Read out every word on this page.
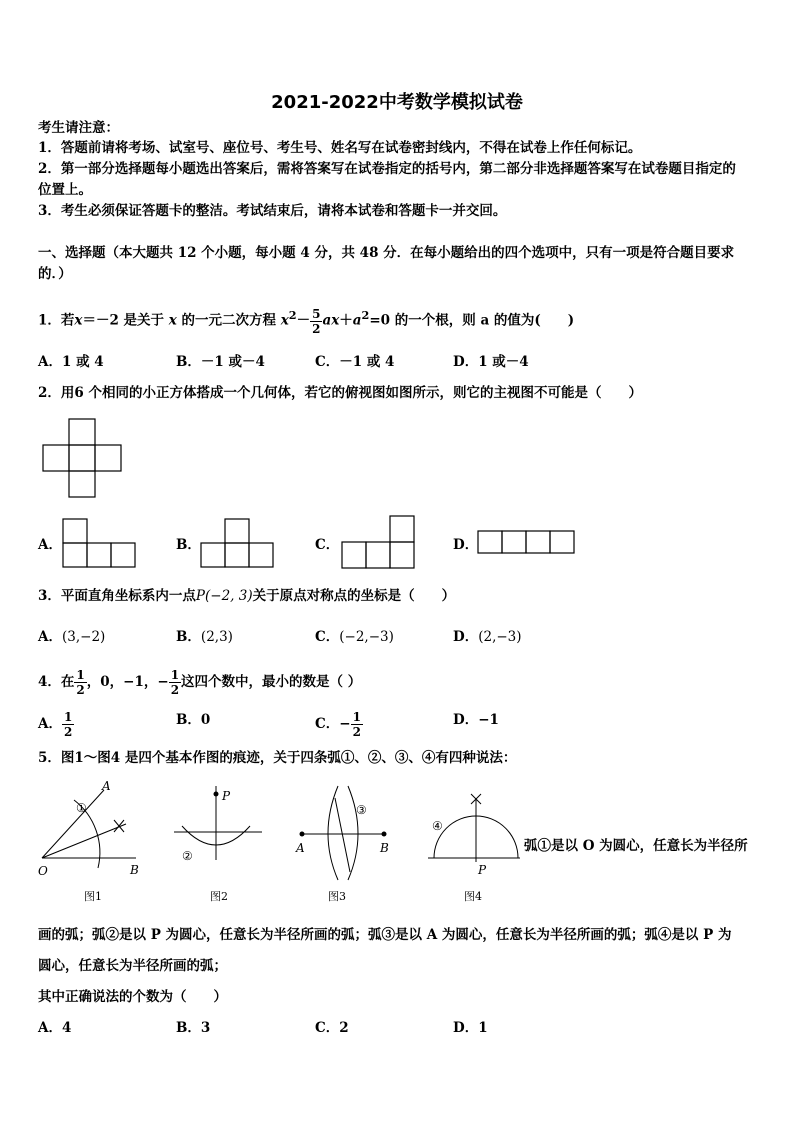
2021-2022中考数学模拟试卷
考生请注意：
1．答题前请将考场、试室号、座位号、考生号、姓名写在试卷密封线内，不得在试卷上作任何标记。
2．第一部分选择题每小题选出答案后，需将答案写在试卷指定的括号内，第二部分非选择题答案写在试卷题目指定的
位置上。
3．考生必须保证答题卡的整洁。考试结束后，请将本试卷和答题卡一并交回。
一、选择题（本大题共 12 个小题，每小题 4 分，共 48 分．在每小题给出的四个选项中，只有一项是符合题目要求
的．）
1．若x＝－2 是关于 x 的一元二次方程 $x^2- \frac{5}{2} ax+a^2=0$ 的一个根，则 a 的值为(　　)
A．1 或 4	B．－1 或－4	C．－1 或 4	D．1 或－4
2．用6 个相同的小正方体搭成一个几何体，若它的俯视图如图所示，则它的主视图不可能是（　　）
A．	B．	C．	D．
3．平面直角坐标系内一点P(−2, 3)关于原点对称点的坐标是（　　）
A．(3,−2)	B．(2,3)	C．(−2,−3)	D．(2,−3)
4．在 $\frac{1}{2}$ ，0，−1，− $\frac{1}{2}$ 这四个数中，最小的数是（ ）
A． $\frac{1}{2}$	B．0	C．− $\frac{1}{2}$	D．−1
5．图1～图4 是四个基本作图的痕迹，关于四条弧①、②、③、④有四种说法：
A
B
O
①
图1
P
②
图2
A	B
③
图3
P
④
图4
弧①是以 O 为圆心，任意长为半径所
画的弧；弧②是以 P 为圆心，任意长为半径所画的弧；弧③是以 A 为圆心，任意长为半径所画的弧；弧④是以 P 为
圆心，任意长为半径所画的弧；
其中正确说法的个数为（　　）
A．4	B．3	C．2	D．1
